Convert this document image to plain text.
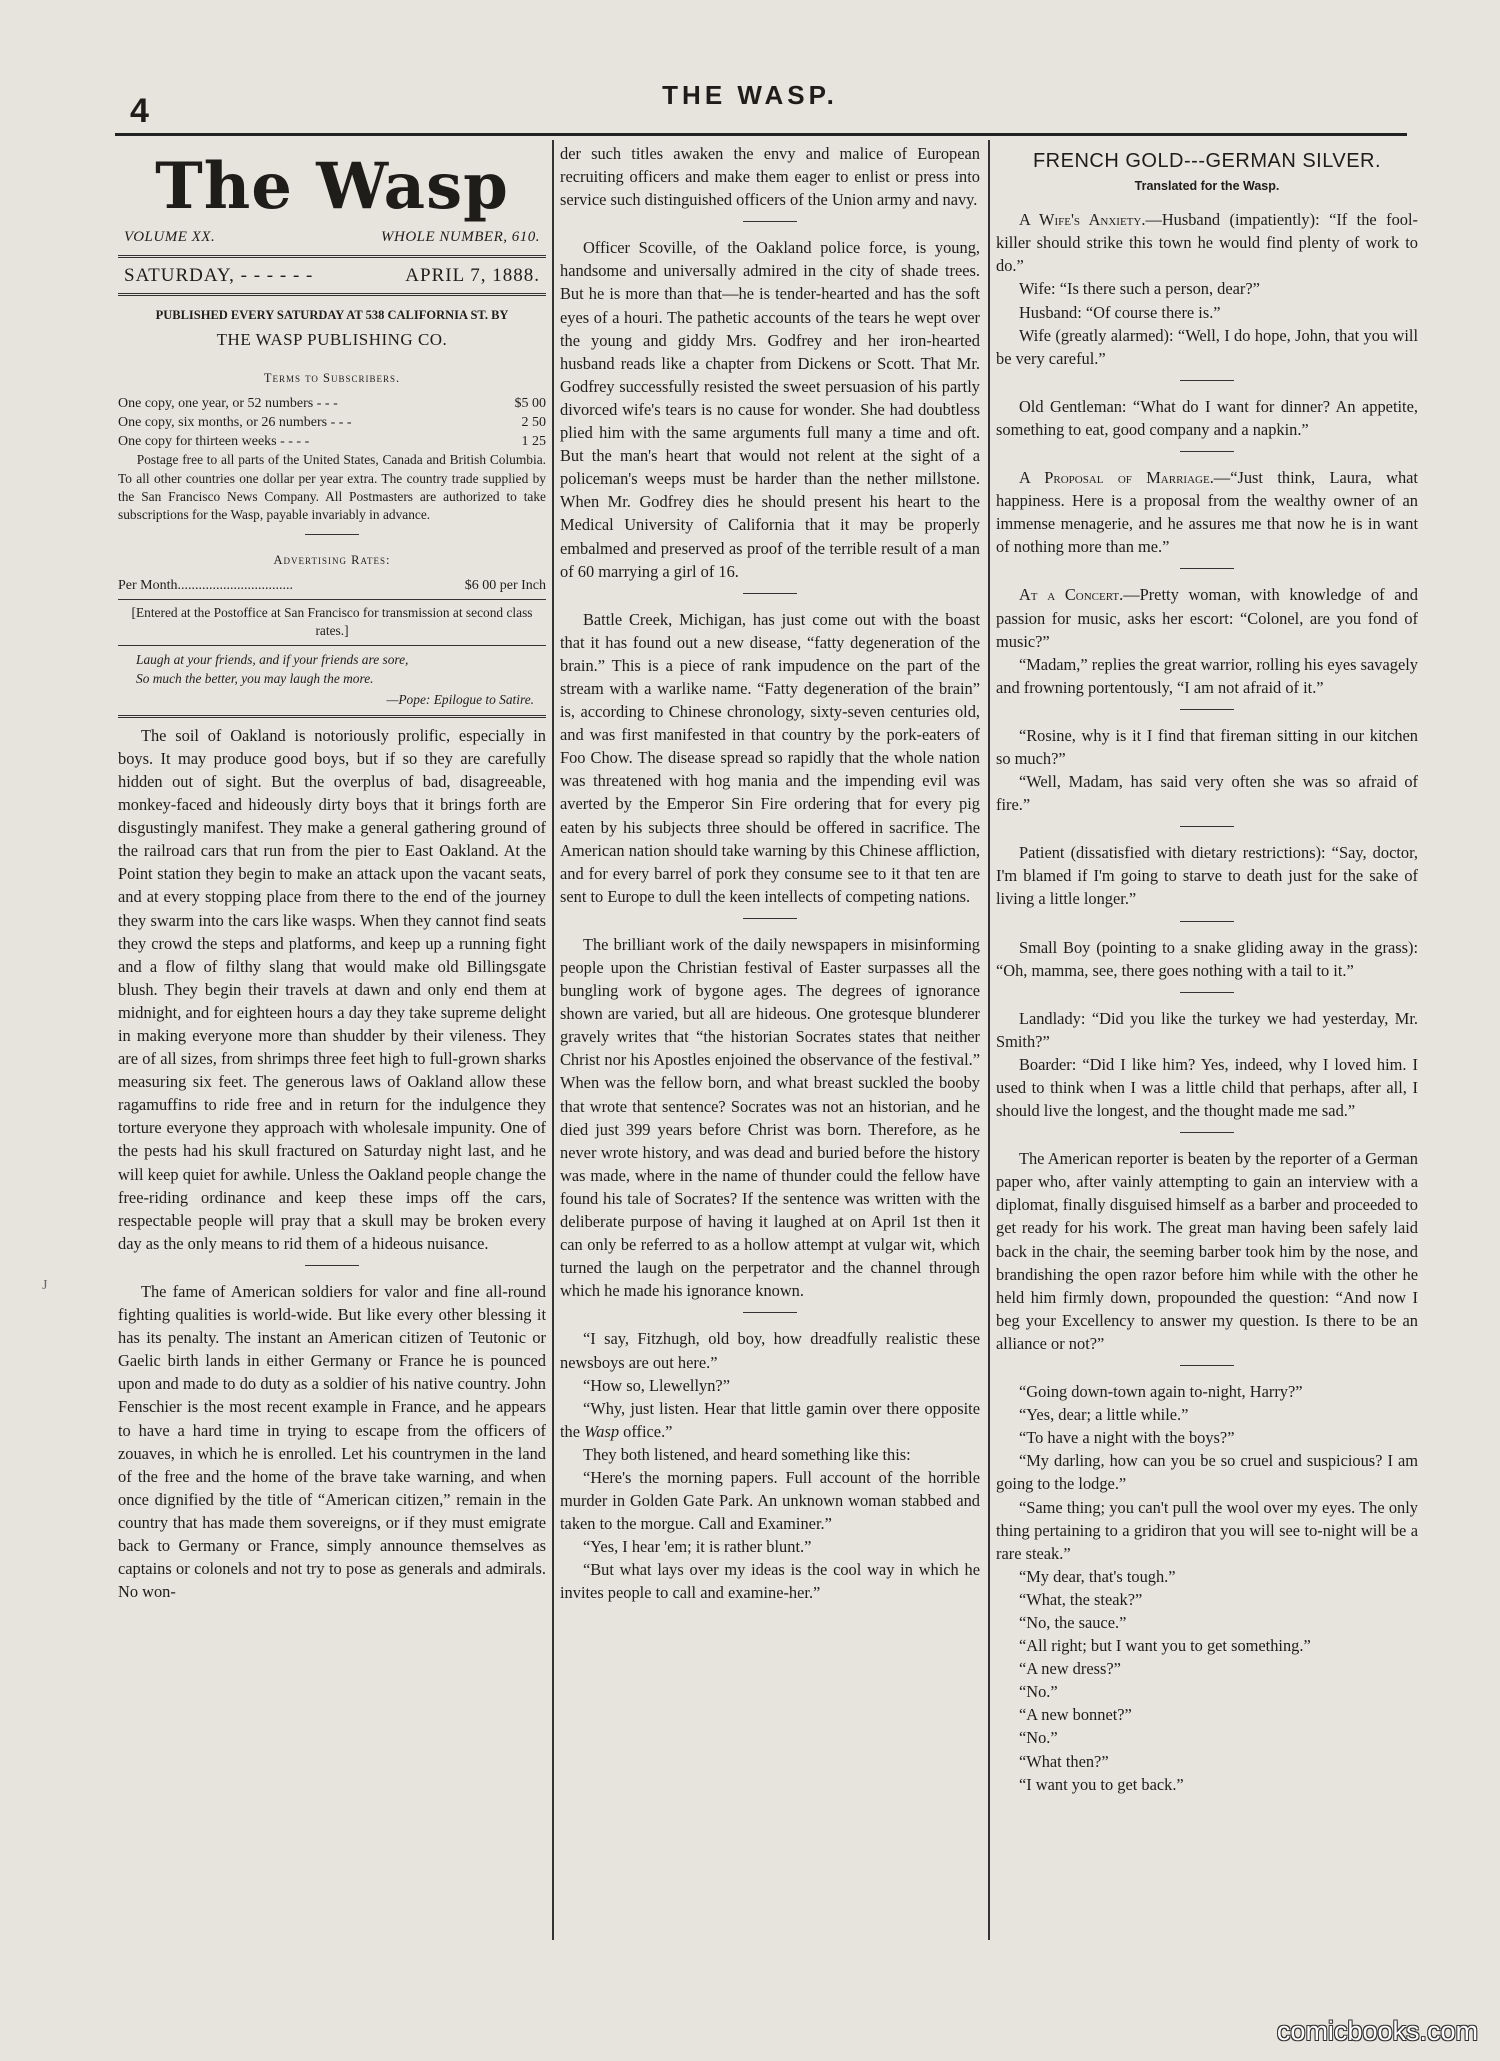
4	THE WASP.
J
The Wasp
VOLUME XX.	WHOLE NUMBER, 610.
SATURDAY, - - - - - -	APRIL 7, 1888.
PUBLISHED EVERY SATURDAY AT 538 CALIFORNIA ST. BY
THE WASP PUBLISHING CO.
Terms to Subscribers.
One copy, one year, or 52 numbers - - -	$5 00
One copy, six months, or 26 numbers - - -	2 50
One copy for thirteen weeks - - - -	1 25

Postage free to all parts of the United States, Canada and British Columbia. To all other countries one dollar per year extra. The country trade supplied by the San Francisco News Company. All Postmasters are authorized to take subscriptions for the Wasp, payable invariably in advance.

Advertising Rates:
Per Month.................................	$6 00 per Inch
[Entered at the Postoffice at San Francisco for transmission at second class rates.]
Laugh at your friends, and if your friends are sore,
So much the better, you may laugh the more.
—Pope: Epilogue to Satire.

The soil of Oakland is notoriously prolific, especially in boys. It may produce good boys, but if so they are carefully hidden out of sight. But the overplus of bad, disagreeable, monkey-faced and hideously dirty boys that it brings forth are disgustingly manifest. They make a general gathering ground of the railroad cars that run from the pier to East Oakland. At the Point station they begin to make an attack upon the vacant seats, and at every stopping place from there to the end of the journey they swarm into the cars like wasps. When they cannot find seats they crowd the steps and platforms, and keep up a running fight and a flow of filthy slang that would make old Billingsgate blush. They begin their travels at dawn and only end them at midnight, and for eighteen hours a day they take supreme delight in making everyone more than shudder by their vileness. They are of all sizes, from shrimps three feet high to full-grown sharks measuring six feet. The generous laws of Oakland allow these ragamuffins to ride free and in return for the indulgence they torture everyone they approach with wholesale impunity. One of the pests had his skull fractured on Saturday night last, and he will keep quiet for awhile. Unless the Oakland people change the free-riding ordinance and keep these imps off the cars, respectable people will pray that a skull may be broken every day as the only means to rid them of a hideous nuisance.

The fame of American soldiers for valor and fine all-round fighting qualities is world-wide. But like every other blessing it has its penalty. The instant an American citizen of Teutonic or Gaelic birth lands in either Germany or France he is pounced upon and made to do duty as a soldier of his native country. John Fenschier is the most recent example in France, and he appears to have a hard time in trying to escape from the officers of zouaves, in which he is enrolled. Let his countrymen in the land of the free and the home of the brave take warning, and when once dignified by the title of “American citizen,” remain in the country that has made them sovereigns, or if they must emigrate back to Germany or France, simply announce themselves as captains or colonels and not try to pose as generals and admirals. No won-

der such titles awaken the envy and malice of European recruiting officers and make them eager to enlist or press into service such distinguished officers of the Union army and navy.

Officer Scoville, of the Oakland police force, is young, handsome and universally admired in the city of shade trees. But he is more than that—he is tender-hearted and has the soft eyes of a houri. The pathetic accounts of the tears he wept over the young and giddy Mrs. Godfrey and her iron-hearted husband reads like a chapter from Dickens or Scott. That Mr. Godfrey successfully resisted the sweet persuasion of his partly divorced wife's tears is no cause for wonder. She had doubtless plied him with the same arguments full many a time and oft. But the man's heart that would not relent at the sight of a policeman's weeps must be harder than the nether millstone. When Mr. Godfrey dies he should present his heart to the Medical University of California that it may be properly embalmed and preserved as proof of the terrible result of a man of 60 marrying a girl of 16.

Battle Creek, Michigan, has just come out with the boast that it has found out a new disease, “fatty degeneration of the brain.” This is a piece of rank impudence on the part of the stream with a warlike name. “Fatty degeneration of the brain” is, according to Chinese chronology, sixty-seven centuries old, and was first manifested in that country by the pork-eaters of Foo Chow. The disease spread so rapidly that the whole nation was threatened with hog mania and the impending evil was averted by the Emperor Sin Fire ordering that for every pig eaten by his subjects three should be offered in sacrifice. The American nation should take warning by this Chinese affliction, and for every barrel of pork they consume see to it that ten are sent to Europe to dull the keen intellects of competing nations.

The brilliant work of the daily newspapers in misinforming people upon the Christian festival of Easter surpasses all the bungling work of bygone ages. The degrees of ignorance shown are varied, but all are hideous. One grotesque blunderer gravely writes that “the historian Socrates states that neither Christ nor his Apostles enjoined the observance of the festival.” When was the fellow born, and what breast suckled the booby that wrote that sentence? Socrates was not an historian, and he died just 399 years before Christ was born. Therefore, as he never wrote history, and was dead and buried before the history was made, where in the name of thunder could the fellow have found his tale of Socrates? If the sentence was written with the deliberate purpose of having it laughed at on April 1st then it can only be referred to as a hollow attempt at vulgar wit, which turned the laugh on the perpetrator and the channel through which he made his ignorance known.

“I say, Fitzhugh, old boy, how dreadfully realistic these newsboys are out here.”

“How so, Llewellyn?”

“Why, just listen. Hear that little gamin over there opposite the Wasp office.”

They both listened, and heard something like this:

“Here's the morning papers. Full account of the horrible murder in Golden Gate Park. An unknown woman stabbed and taken to the morgue. Call and Examiner.”

“Yes, I hear 'em; it is rather blunt.”

“But what lays over my ideas is the cool way in which he invites people to call and examine-her.”

FRENCH GOLD---GERMAN SILVER.
Translated for the Wasp.

A Wife's Anxiety.—Husband (impatiently): “If the fool-killer should strike this town he would find plenty of work to do.”

Wife: “Is there such a person, dear?”

Husband: “Of course there is.”

Wife (greatly alarmed): “Well, I do hope, John, that you will be very careful.”

Old Gentleman: “What do I want for dinner? An appetite, something to eat, good company and a napkin.”

A Proposal of Marriage.—“Just think, Laura, what happiness. Here is a proposal from the wealthy owner of an immense menagerie, and he assures me that now he is in want of nothing more than me.”

At a Concert.—Pretty woman, with knowledge of and passion for music, asks her escort: “Colonel, are you fond of music?”

“Madam,” replies the great warrior, rolling his eyes savagely and frowning portentously, “I am not afraid of it.”

“Rosine, why is it I find that fireman sitting in our kitchen so much?”

“Well, Madam, has said very often she was so afraid of fire.”

Patient (dissatisfied with dietary restrictions): “Say, doctor, I'm blamed if I'm going to starve to death just for the sake of living a little longer.”

Small Boy (pointing to a snake gliding away in the grass): “Oh, mamma, see, there goes nothing with a tail to it.”

Landlady: “Did you like the turkey we had yesterday, Mr. Smith?”

Boarder: “Did I like him? Yes, indeed, why I loved him. I used to think when I was a little child that perhaps, after all, I should live the longest, and the thought made me sad.”

The American reporter is beaten by the reporter of a German paper who, after vainly attempting to gain an interview with a diplomat, finally disguised himself as a barber and proceeded to get ready for his work. The great man having been safely laid back in the chair, the seeming barber took him by the nose, and brandishing the open razor before him while with the other he held him firmly down, propounded the question: “And now I beg your Excellency to answer my question. Is there to be an alliance or not?”

“Going down-town again to-night, Harry?”

“Yes, dear; a little while.”

“To have a night with the boys?”

“My darling, how can you be so cruel and suspicious? I am going to the lodge.”

“Same thing; you can't pull the wool over my eyes. The only thing pertaining to a gridiron that you will see to-night will be a rare steak.”

“My dear, that's tough.”

“What, the steak?”

“No, the sauce.”

“All right; but I want you to get something.”

“A new dress?”

“No.”

“A new bonnet?”

“No.”

“What then?”

“I want you to get back.”

comicbooks.com
